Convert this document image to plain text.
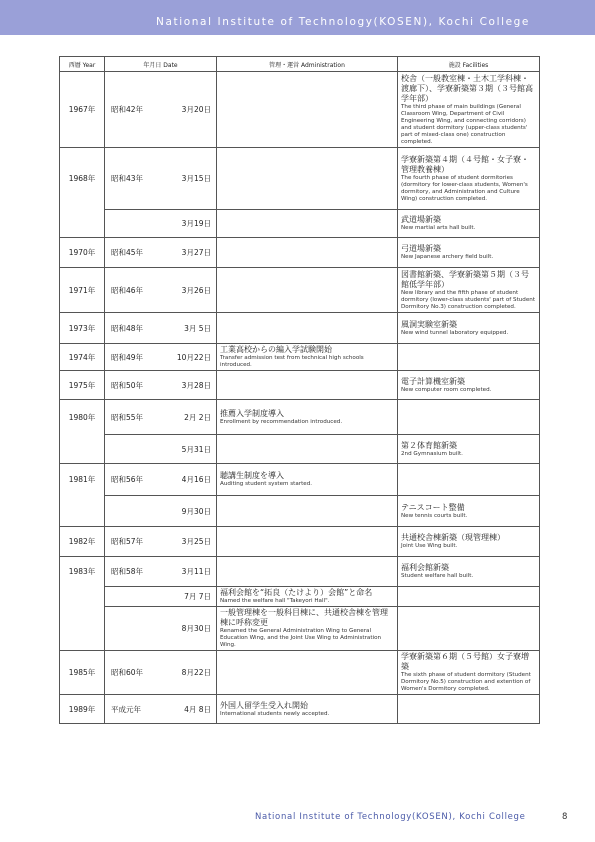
National Institute of Technology(KOSEN), Kochi College
西暦 Year	年月日 Date	管理・運営 Administration	施設 Facilities
1967年	昭和42年 3月20日		校舎（一般教室棟・土木工学科棟・渡廊下）、学寮新築第３期（３号館高学年部）
The third phase of main buildings (General Classroom Wing, Department of Civil Engineering Wing, and connecting corridors) and student dormitory (upper-class students' part of mixed-class one) construction completed.

1968年	昭和43年 3月15日		学寮新築第４期（４号館・女子寮・管理教養棟）
The fourth phase of student dormitories (dormitory for lower-class students, Women's dormitory, and Administration and Culture Wing) construction completed.

	3月19日		武道場新築
New martial arts hall built.

1970年	昭和45年 3月27日		弓道場新築
New Japanese archery field built.

1971年	昭和46年 3月26日		図書館新築、学寮新築第５期（３号館低学年部）
New library and the fifth phase of student dormitory (lower-class students' part of Student Dormitory No.3) construction completed.

1973年	昭和48年 3月 5日		風洞実験室新築
New wind tunnel laboratory equipped.

1974年	昭和49年 10月22日	工業高校からの編入学試験開始
Transfer admission test from technical high schools introduced.	

1975年	昭和50年 3月28日		電子計算機室新築
New computer room completed.

1980年	昭和55年 2月 2日	推薦入学制度導入
Enrollment by recommendation introduced.	

	5月31日		第２体育館新築
2nd Gymnasium built.

1981年	昭和56年 4月16日	聴講生制度を導入
Auditing student system started.	

	9月30日		テニスコート整備
New tennis courts built.

1982年	昭和57年 3月25日		共通校舎棟新築（現管理棟）
Joint Use Wing built.

1983年	昭和58年 3月11日		福利会館新築
Student welfare hall built.

	7月 7日	福利会館を“拓良（たけより）会館”と命名
Named the welfare hall "Takeyori Hall".	

	8月30日	一般管理棟を一般科目棟に、共通校舎棟を管理棟に呼称変更
Renamed the General Administration Wing to General Education Wing, and the Joint Use Wing to Administration Wing.	

1985年	昭和60年 8月22日		学寮新築第６期（５号館）女子寮増築
The sixth phase of student dormitory (Student Dormitory No.5) construction and extention of Women's Dormitory completed.

1989年	平成元年 4月 8日	外国人留学生受入れ開始
International students newly accepted.	

National Institute of Technology(KOSEN), Kochi College	8
